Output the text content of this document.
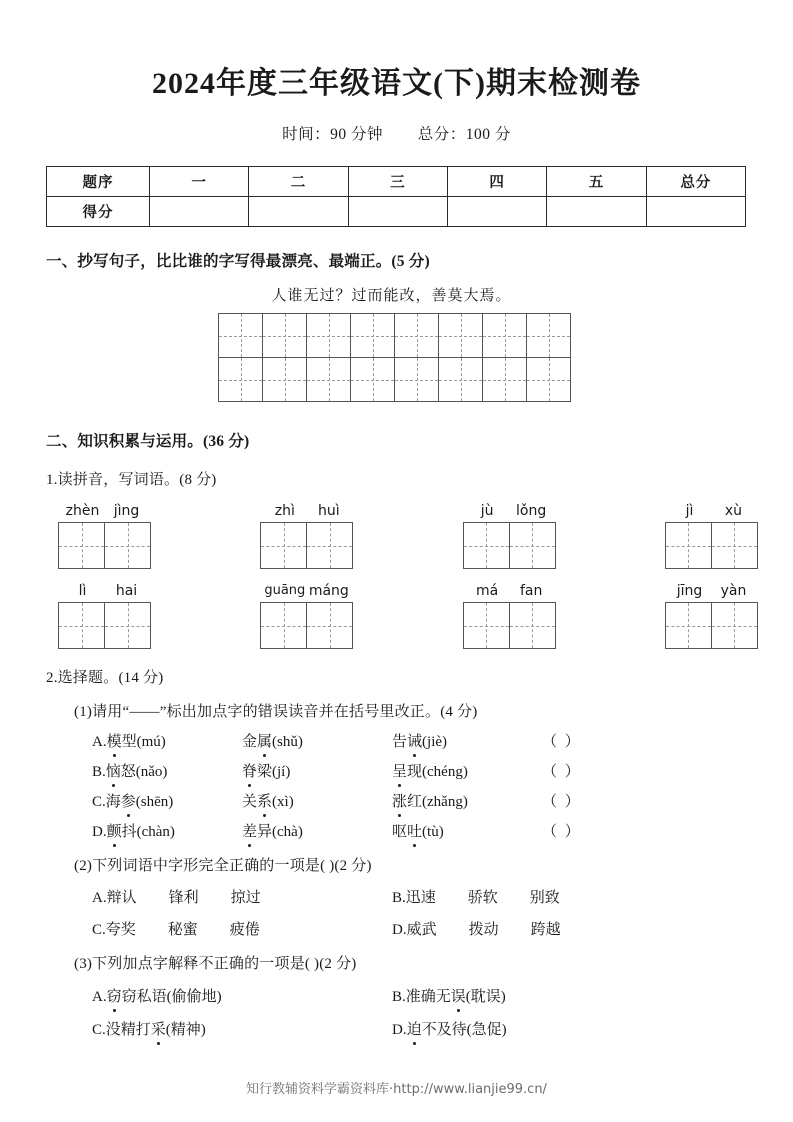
2024年度三年级语文(下)期末检测卷
时间：90 分钟 总分：100 分
题序	一	二	三	四	五	总分
得分						
一、抄写句子，比比谁的字写得最漂亮、最端正。(5 分)
人谁无过？过而能改，善莫大焉。
二、知识积累与运用。(36 分)
1.读拼音，写词语。(8 分)
zhèn	jìng	zhì	huì	jù	lǒng	jì	xù
lì	hai	guāng máng	má	fan	jīng	yàn
2.选择题。(14 分)
(1)请用“——”标出加点字的错误读音并在括号里改正。(4 分)
A.模型(mú)	金属(shǔ)	告诫(jiè)	（ ）
B.恼怒(nǎo)	脊梁(jí)	呈现(chéng)	（ ）
C.海参(shēn)	关系(xì)	涨红(zhǎng)	（ ）
D.颤抖(chàn)	差异(chà)	呕吐(tù)	（ ）
(2)下列词语中字形完全正确的一项是( )(2 分)
A.辩认 锋利 掠过	B.迅速 骄软 别致
C.夸奖 秘蜜 疲倦	D.威武 拨动 跨越
(3)下列加点字解释不正确的一项是( )(2 分)
A.窃窃私语(偷偷地)	B.准确无误(耽误)
C.没精打采(精神)	D.迫不及待(急促)
知行教辅资料学霸资料库·http://www.lianjie99.cn/
